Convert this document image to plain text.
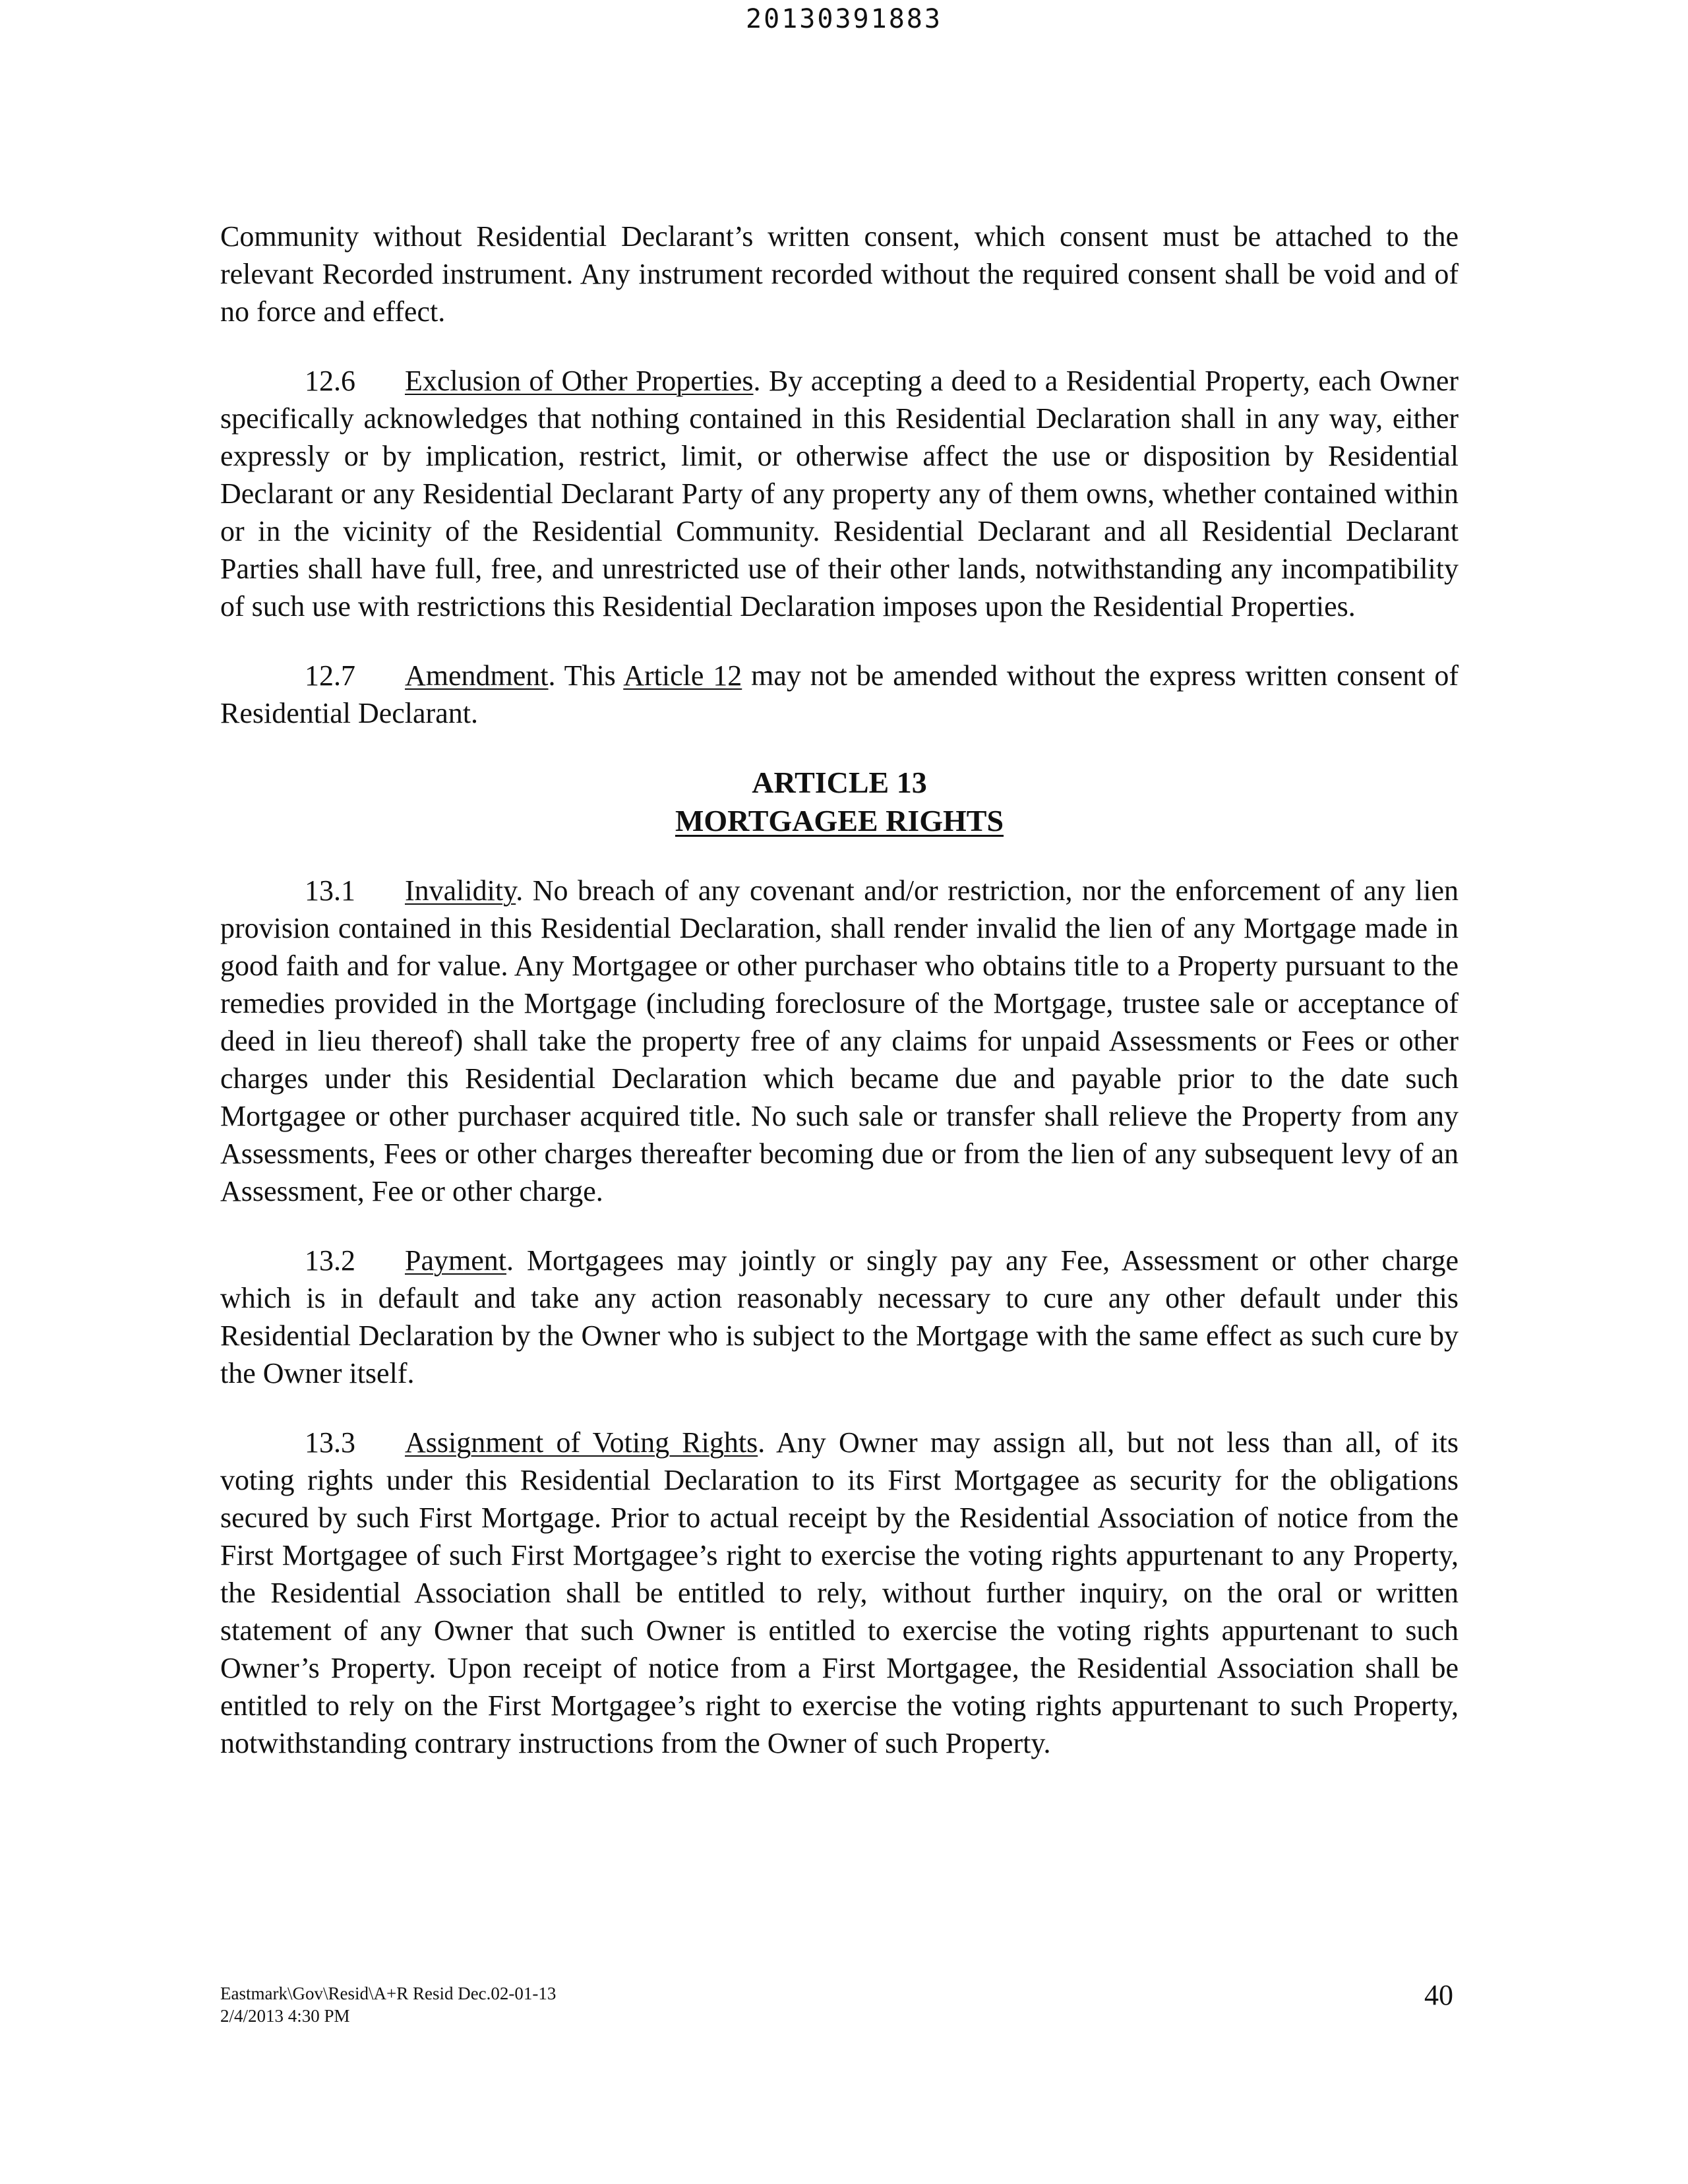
20130391883

Community without Residential Declarant’s written consent, which consent must be attached to the relevant Recorded instrument. Any instrument recorded without the required consent shall be void and of no force and effect.

12.6 Exclusion of Other Properties. By accepting a deed to a Residential Property, each Owner specifically acknowledges that nothing contained in this Residential Declaration shall in any way, either expressly or by implication, restrict, limit, or otherwise affect the use or disposition by Residential Declarant or any Residential Declarant Party of any property any of them owns, whether contained within or in the vicinity of the Residential Community. Residential Declarant and all Residential Declarant Parties shall have full, free, and unrestricted use of their other lands, notwithstanding any incompatibility of such use with restrictions this Residential Declaration imposes upon the Residential Properties.

12.7 Amendment. This Article 12 may not be amended without the express written consent of Residential Declarant.

ARTICLE 13
MORTGAGEE RIGHTS

13.1 Invalidity. No breach of any covenant and/or restriction, nor the enforcement of any lien provision contained in this Residential Declaration, shall render invalid the lien of any Mortgage made in good faith and for value. Any Mortgagee or other purchaser who obtains title to a Property pursuant to the remedies provided in the Mortgage (including foreclosure of the Mortgage, trustee sale or acceptance of deed in lieu thereof) shall take the property free of any claims for unpaid Assessments or Fees or other charges under this Residential Declaration which became due and payable prior to the date such Mortgagee or other purchaser acquired title. No such sale or transfer shall relieve the Property from any Assessments, Fees or other charges thereafter becoming due or from the lien of any subsequent levy of an Assessment, Fee or other charge.

13.2 Payment. Mortgagees may jointly or singly pay any Fee, Assessment or other charge which is in default and take any action reasonably necessary to cure any other default under this Residential Declaration by the Owner who is subject to the Mortgage with the same effect as such cure by the Owner itself.

13.3 Assignment of Voting Rights. Any Owner may assign all, but not less than all, of its voting rights under this Residential Declaration to its First Mortgagee as security for the obligations secured by such First Mortgage. Prior to actual receipt by the Residential Association of notice from the First Mortgagee of such First Mortgagee’s right to exercise the voting rights appurtenant to any Property, the Residential Association shall be entitled to rely, without further inquiry, on the oral or written statement of any Owner that such Owner is entitled to exercise the voting rights appurtenant to such Owner’s Property. Upon receipt of notice from a First Mortgagee, the Residential Association shall be entitled to rely on the First Mortgagee’s right to exercise the voting rights appurtenant to such Property, notwithstanding contrary instructions from the Owner of such Property.

Eastmark\Gov\Resid\A+R Resid Dec.02-01-13
2/4/2013 4:30 PM
40
